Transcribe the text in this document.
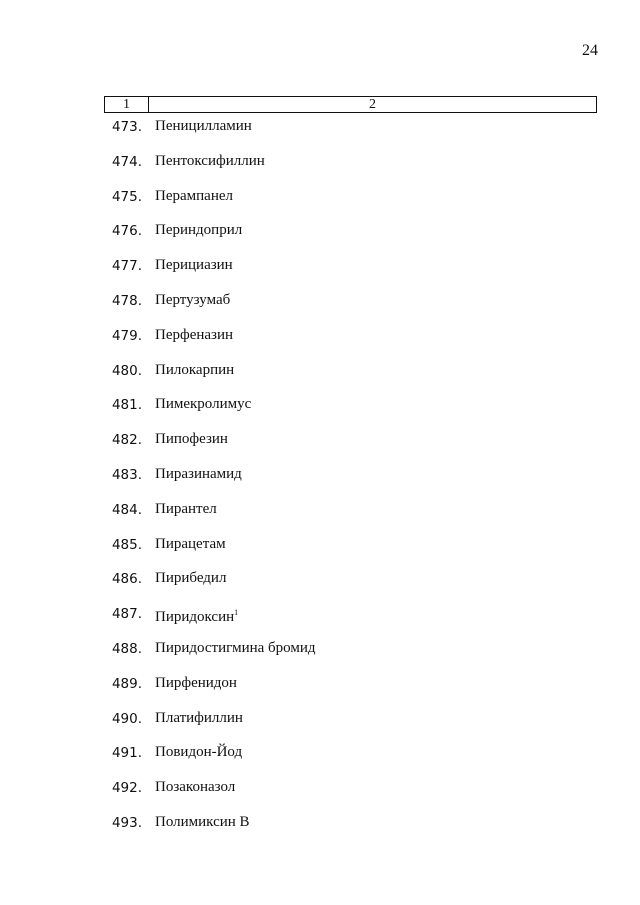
24
1	2
473. Пеницилламин
474. Пентоксифиллин
475. Перампанел
476. Периндоприл
477. Перициазин
478. Пертузумаб
479. Перфеназин
480. Пилокарпин
481. Пимекролимус
482. Пипофезин
483. Пиразинамид
484. Пирантел
485. Пирацетам
486. Пирибедил
487. Пиридоксин$^1$
488. Пиридостигмина бромид
489. Пирфенидон
490. Платифиллин
491. Повидон-Йод
492. Позаконазол
493. Полимиксин В
